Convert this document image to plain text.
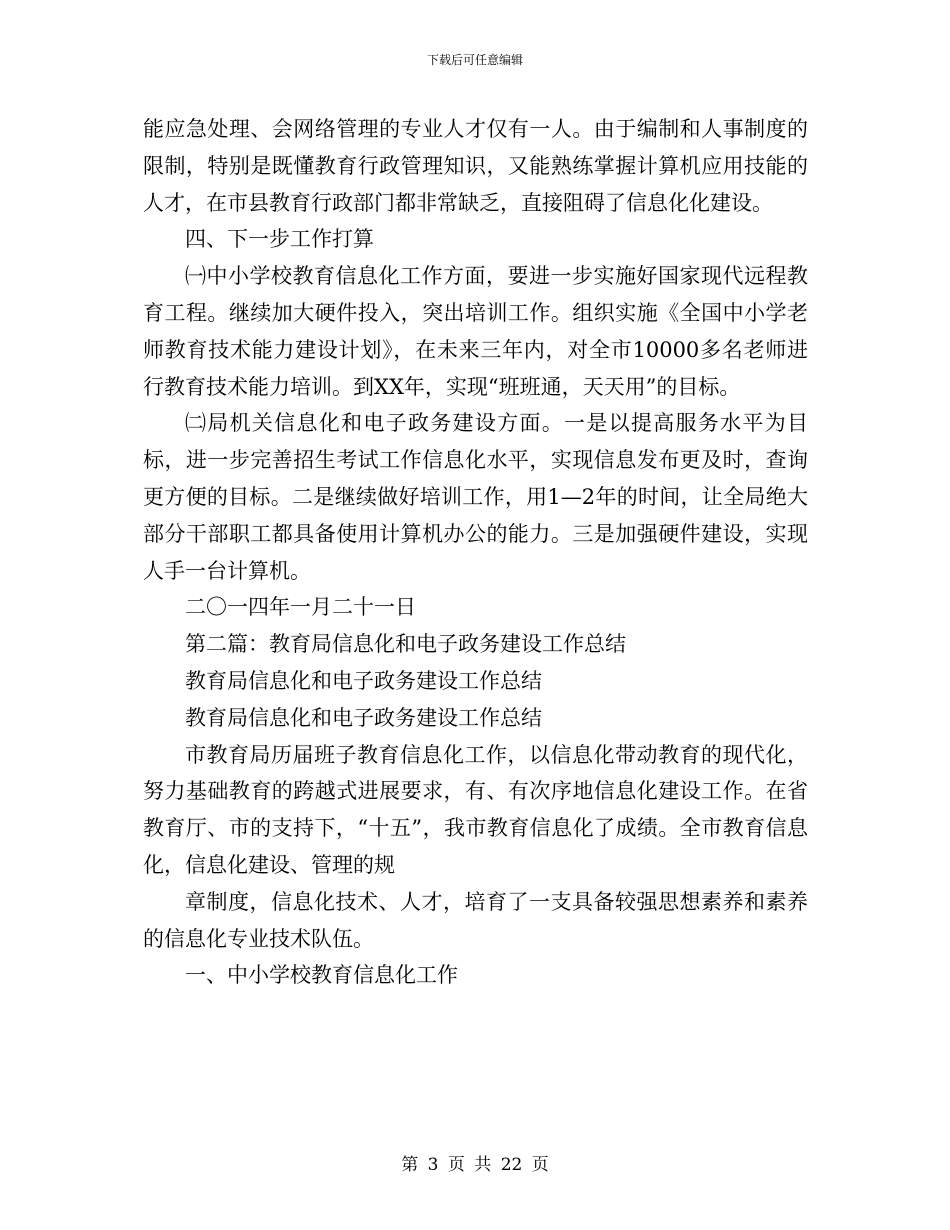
下载后可任意编辑

能应急处理、会网络管理的专业人才仅有一人。由于编制和人事制度的限制，特别是既懂教育行政管理知识，又能熟练掌握计算机应用技能的人才，在市县教育行政部门都非常缺乏，直接阻碍了信息化化建设。

四、下一步工作打算

㈠中小学校教育信息化工作方面，要进一步实施好国家现代远程教育工程。继续加大硬件投入，突出培训工作。组织实施《全国中小学老师教育技术能力建设计划》，在未来三年内，对全市10000多名老师进行教育技术能力培训。到XX年，实现“班班通，天天用”的目标。

㈡局机关信息化和电子政务建设方面。一是以提高服务水平为目标，进一步完善招生考试工作信息化水平，实现信息发布更及时，查询更方便的目标。二是继续做好培训工作，用1—2年的时间，让全局绝大部分干部职工都具备使用计算机办公的能力。三是加强硬件建设，实现人手一台计算机。

二〇一四年一月二十一日

第二篇：教育局信息化和电子政务建设工作总结

教育局信息化和电子政务建设工作总结

教育局信息化和电子政务建设工作总结

市教育局历届班子教育信息化工作，以信息化带动教育的现代化，努力基础教育的跨越式进展要求，有、有次序地信息化建设工作。在省教育厅、市的支持下，“十五”，我市教育信息化了成绩。全市教育信息化，信息化建设、管理的规

章制度，信息化技术、人才，培育了一支具备较强思想素养和素养的信息化专业技术队伍。

一、中小学校教育信息化工作

第 3 页 共 22 页
